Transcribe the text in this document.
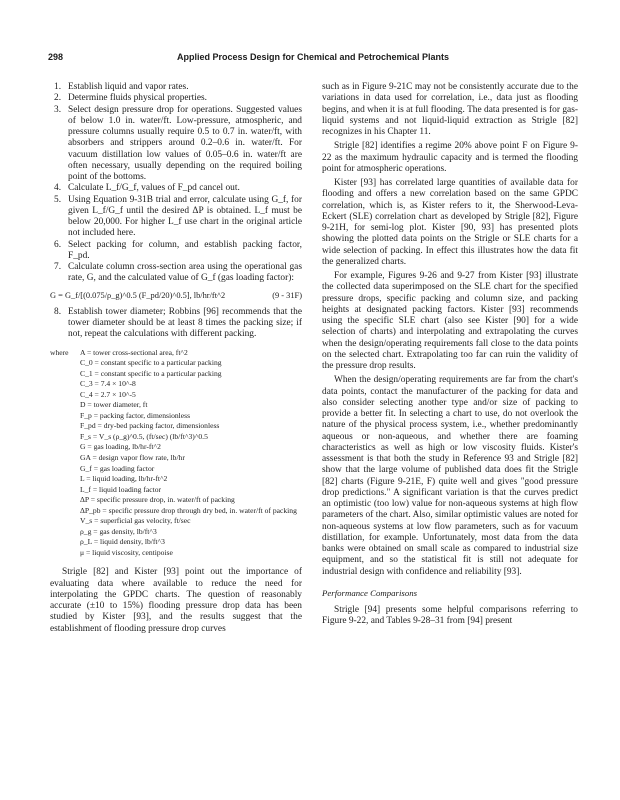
298	Applied Process Design for Chemical and Petrochemical Plants
1. Establish liquid and vapor rates.
2. Determine fluids physical properties.
3. Select design pressure drop for operations. Suggested values of below 1.0 in. water/ft. Low-pressure, atmospheric, and pressure columns usually require 0.5 to 0.7 in. water/ft, with absorbers and strippers around 0.2–0.6 in. water/ft. For vacuum distillation low values of 0.05–0.6 in. water/ft are often necessary, usually depending on the required boiling point of the bottoms.
4. Calculate L_f/G_f, values of F_pd cancel out.
5. Using Equation 9-31B trial and error, calculate using G_f, for given L_f/G_f until the desired ΔP is obtained. L_f must be below 20,000. For higher L_f use chart in the original article not included here.
6. Select packing for column, and establish packing factor, F_pd.
7. Calculate column cross-section area using the operational gas rate, G, and the calculated value of G_f (gas loading factor):
G = G_f/[(0.075/ρ_g)^0.5 (F_pd/20)^0.5], lb/hr/ft^2	(9 - 31F)
8. Establish tower diameter; Robbins [96] recommends that the tower diameter should be at least 8 times the packing size; if not, repeat the calculations with different packing.
where A = tower cross-sectional area, ft^2
C_0 = constant specific to a particular packing
C_1 = constant specific to a particular packing
C_3 = 7.4 × 10^-8
C_4 = 2.7 × 10^-5
D = tower diameter, ft
F_p = packing factor, dimensionless
F_pd = dry-bed packing factor, dimensionless
F_s = V_s (ρ_g)^0.5, (ft/sec) (lb/ft^3)^0.5
G = gas loading, lb/hr-ft^2
GA = design vapor flow rate, lb/hr
G_f = gas loading factor
L = liquid loading, lb/hr-ft^2
L_f = liquid loading factor
ΔP = specific pressure drop, in. water/ft of packing
ΔP_pb = specific pressure drop through dry bed, in. water/ft of packing
V_s = superficial gas velocity, ft/sec
ρ_g = gas density, lb/ft^3
ρ_L = liquid density, lb/ft^3
μ = liquid viscosity, centipoise

Strigle [82] and Kister [93] point out the importance of evaluating data where available to reduce the need for interpolating the GPDC charts. The question of reasonably accurate (±10 to 15%) flooding pressure drop data has been studied by Kister [93], and the results suggest that the establishment of flooding pressure drop curves

such as in Figure 9-21C may not be consistently accurate due to the variations in data used for correlation, i.e., data just as flooding begins, and when it is at full flooding. The data presented is for gas-liquid systems and not liquid-liquid extraction as Strigle [82] recognizes in his Chapter 11.

Strigle [82] identifies a regime 20% above point F on Figure 9-22 as the maximum hydraulic capacity and is termed the flooding point for atmospheric operations.

Kister [93] has correlated large quantities of available data for flooding and offers a new correlation based on the same GPDC correlation, which is, as Kister refers to it, the Sherwood-Leva-Eckert (SLE) correlation chart as developed by Strigle [82], Figure 9-21H, for semi-log plot. Kister [90, 93] has presented plots showing the plotted data points on the Strigle or SLE charts for a wide selection of packing. In effect this illustrates how the data fit the generalized charts.

For example, Figures 9-26 and 9-27 from Kister [93] illustrate the collected data superimposed on the SLE chart for the specified pressure drops, specific packing and column size, and packing heights at designated packing factors. Kister [93] recommends using the specific SLE chart (also see Kister [90] for a wide selection of charts) and interpolating and extrapolating the curves when the design/operating requirements fall close to the data points on the selected chart. Extrapolating too far can ruin the validity of the pressure drop results.

When the design/operating requirements are far from the chart's data points, contact the manufacturer of the packing for data and also consider selecting another type and/or size of packing to provide a better fit. In selecting a chart to use, do not overlook the nature of the physical process system, i.e., whether predominantly aqueous or non-aqueous, and whether there are foaming characteristics as well as high or low viscosity fluids. Kister's assessment is that both the study in Reference 93 and Strigle [82] show that the large volume of published data does fit the Strigle [82] charts (Figure 9-21E, F) quite well and gives "good pressure drop predictions." A significant variation is that the curves predict an optimistic (too low) value for non-aqueous systems at high flow parameters of the chart. Also, similar optimistic values are noted for non-aqueous systems at low flow parameters, such as for vacuum distillation, for example. Unfortunately, most data from the data banks were obtained on small scale as compared to industrial size equipment, and so the statistical fit is still not adequate for industrial design with confidence and reliability [93].

Performance Comparisons

Strigle [94] presents some helpful comparisons referring to Figure 9-22, and Tables 9-28–31 from [94] present
